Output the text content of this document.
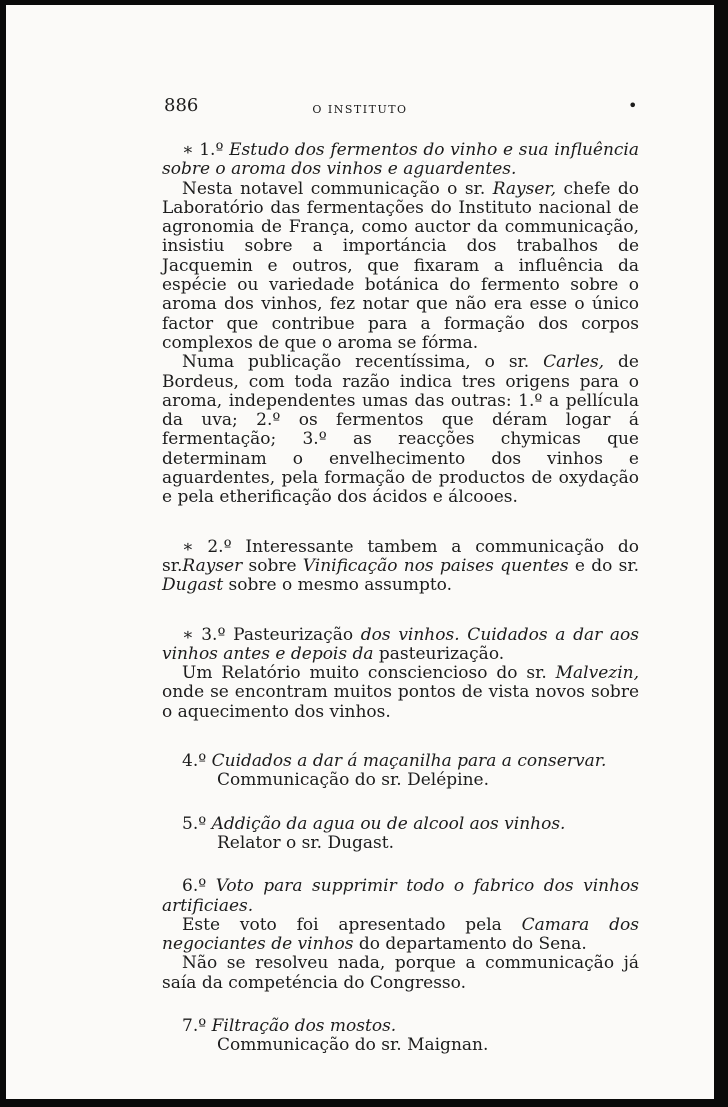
886	O INSTITUTO	•

∗ 1.º Estudo dos fermentos do vinho e sua influência sobre o aroma dos vinhos e aguardentes.

Nesta notavel communicação o sr. Rayser, chefe do Laboratório das fermentações do Instituto nacional de agronomia de França, como auctor da communicação, insistiu sobre a importáncia dos trabalhos de Jacquemin e outros, que fixaram a influência da espécie ou variedade botánica do fermento sobre o aroma dos vinhos, fez notar que não era esse o único factor que contribue para a formação dos corpos complexos de que o aroma se fórma.

Numa publicação recentíssima, o sr. Carles, de Bordeus, com toda razão indica tres origens para o aroma, independentes umas das outras: 1.º a pellícula da uva; 2.º os fermentos que déram logar á fermentação; 3.º as reacções chymicas que determinam o envelhecimento dos vinhos e aguardentes, pela formação de productos de oxydação e pela etherificação dos ácidos e álcooes.

∗ 2.º Interessante tambem a communicação do sr.Rayser sobre Vinificação nos paises quentes e do sr. Dugast sobre o mesmo assumpto.

∗ 3.º Pasteurização dos vinhos. Cuidados a dar aos vinhos antes e depois da pasteurização.

Um Relatório muito consciencioso do sr. Malvezin, onde se encontram muitos pontos de vista novos sobre o aquecimento dos vinhos.

4.º Cuidados a dar á maçanilha para a conservar.

Communicação do sr. Delépine.

5.º Addição da agua ou de alcool aos vinhos.

Relator o sr. Dugast.

6.º Voto para supprimir todo o fabrico dos vinhos artificiaes.

Este voto foi apresentado pela Camara dos negociantes de vinhos do departamento do Sena.

Não se resolveu nada, porque a communicação já saía da competéncia do Congresso.

7.º Filtração dos mostos.

Communicação do sr. Maignan.
